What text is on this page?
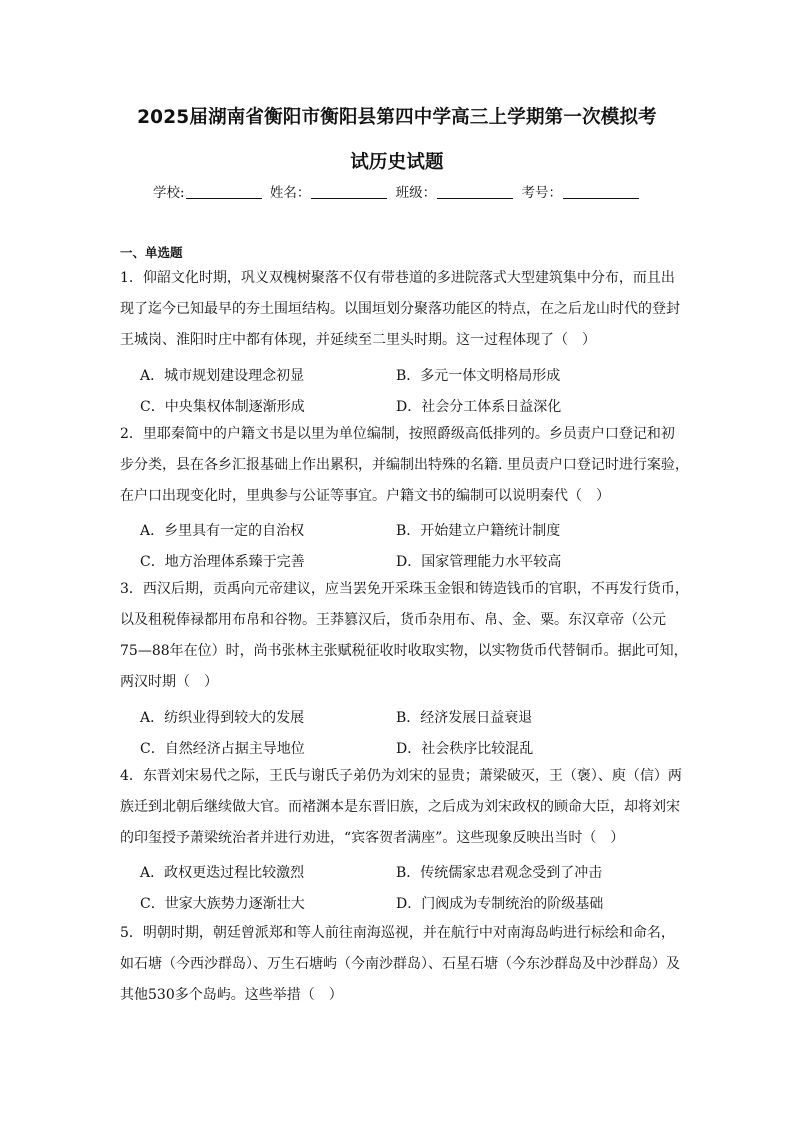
2025届湖南省衡阳市衡阳县第四中学高三上学期第一次模拟考
试历史试题
学校:	姓名：	班级：	考号：
一、单选题
1．仰韶文化时期，巩义双槐树聚落不仅有带巷道的多进院落式大型建筑集中分布，而且出
现了迄今已知最早的夯土围垣结构。以围垣划分聚落功能区的特点，在之后龙山时代的登封
王城岗、淮阳时庄中都有体现，并延续至二里头时期。这一过程体现了（　）
A．城市规划建设理念初显	B．多元一体文明格局形成
C．中央集权体制逐渐形成	D．社会分工体系日益深化
2．里耶秦简中的户籍文书是以里为单位编制，按照爵级高低排列的。乡员责户口登记和初
步分类，县在各乡汇报基础上作出累积，并编制出特殊的名籍. 里员责户口登记时进行案验，
在户口出现变化时，里典参与公证等事宜。户籍文书的编制可以说明秦代（　）
A．乡里具有一定的自治权	B．开始建立户籍统计制度
C．地方治理体系臻于完善	D．国家管理能力水平较高
3．西汉后期，贡禹向元帝建议，应当罢免开采珠玉金银和铸造钱币的官职，不再发行货币，
以及租税俸禄都用布帛和谷物。王莽篡汉后，货币杂用布、帛、金、粟。东汉章帝（公元
75—88年在位）时，尚书张林主张赋税征收时收取实物，以实物货币代替铜币。据此可知，
两汉时期（　）
A．纺织业得到较大的发展	B．经济发展日益衰退
C．自然经济占据主导地位	D．社会秩序比较混乱
4．东晋刘宋易代之际，王氏与谢氏子弟仍为刘宋的显贵；萧梁破灭，王（褒）、庾（信）两
族迁到北朝后继续做大官。而褚渊本是东晋旧族，之后成为刘宋政权的顾命大臣，却将刘宋
的印玺授予萧梁统治者并进行劝进，“宾客贺者满座”。这些现象反映出当时（　）
A．政权更迭过程比较激烈	B．传统儒家忠君观念受到了冲击
C．世家大族势力逐渐壮大	D．门阀成为专制统治的阶级基础
5．明朝时期，朝廷曾派郑和等人前往南海巡视，并在航行中对南海岛屿进行标绘和命名，
如石塘（今西沙群岛）、万生石塘屿（今南沙群岛）、石星石塘（今东沙群岛及中沙群岛）及
其他530多个岛屿。这些举措（　）
